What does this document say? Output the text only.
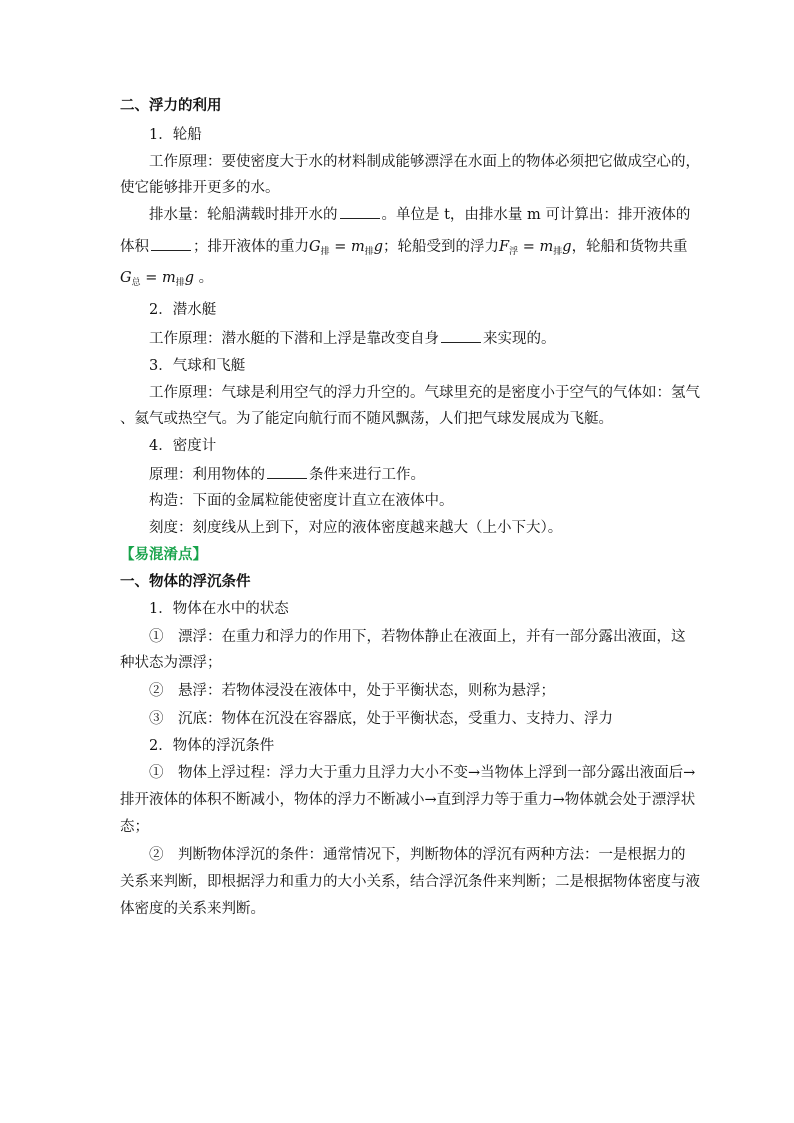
二、浮力的利用
1．轮船
工作原理：要使密度大于水的材料制成能够漂浮在水面上的物体必须把它做成空心的，
使它能够排开更多的水。
排水量：轮船满载时排开水的	。单位是 t，由排水量 m 可计算出：排开液体的
体积	；排开液体的重力$G_排 = m_排g$；轮船受到的浮力$F_浮 = m_排g$，轮船和货物共重
$G_总 = m_排g$ 。
2．潜水艇
工作原理：潜水艇的下潜和上浮是靠改变自身	来实现的。
3．气球和飞艇
工作原理：气球是利用空气的浮力升空的。气球里充的是密度小于空气的气体如：氢气
、氦气或热空气。为了能定向航行而不随风飘荡，人们把气球发展成为飞艇。
4．密度计
原理：利用物体的	条件来进行工作。
构造：下面的金属粒能使密度计直立在液体中。
刻度：刻度线从上到下，对应的液体密度越来越大（上小下大）。
【易混淆点】
一、物体的浮沉条件
1．物体在水中的状态
①　漂浮：在重力和浮力的作用下，若物体静止在液面上，并有一部分露出液面，这
种状态为漂浮；
②　悬浮：若物体浸没在液体中，处于平衡状态，则称为悬浮；
③　沉底：物体在沉没在容器底，处于平衡状态，受重力、支持力、浮力
2．物体的浮沉条件
①　物体上浮过程：浮力大于重力且浮力大小不变→当物体上浮到一部分露出液面后→
排开液体的体积不断减小，物体的浮力不断减小→直到浮力等于重力→物体就会处于漂浮状
态；
②　判断物体浮沉的条件：通常情况下，判断物体的浮沉有两种方法：一是根据力的
关系来判断，即根据浮力和重力的大小关系，结合浮沉条件来判断；二是根据物体密度与液
体密度的关系来判断。
